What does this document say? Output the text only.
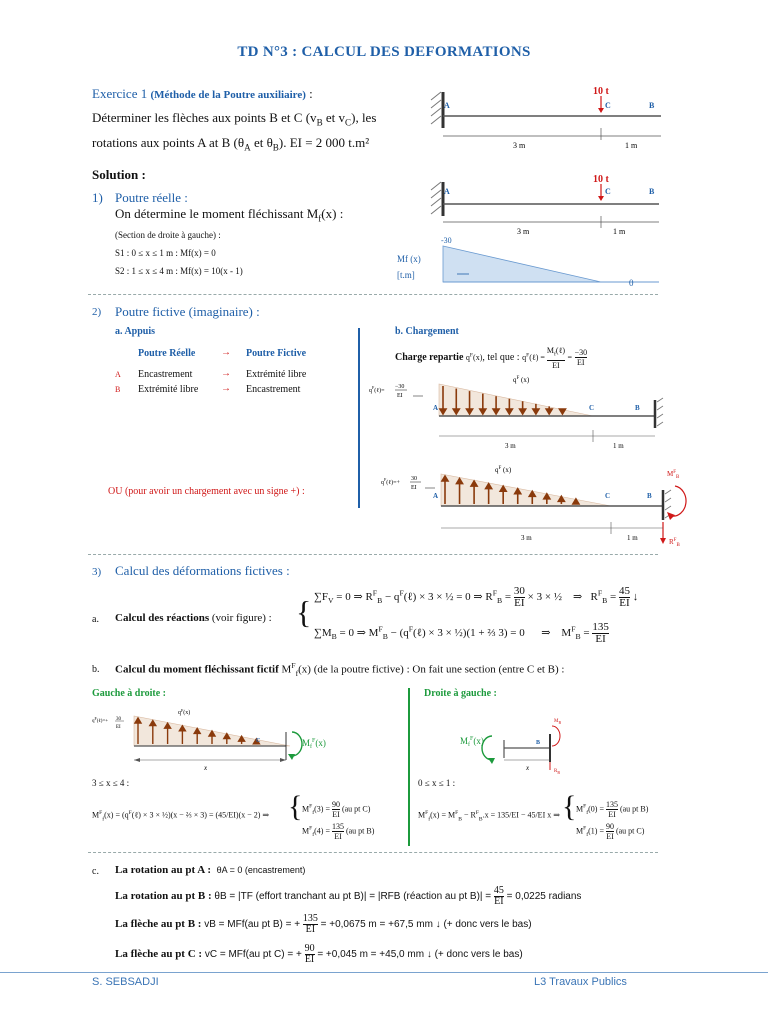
TD N°3 : CALCUL DES DEFORMATIONS
Exercice 1 (Méthode de la Poutre auxiliaire) :
Déterminer les flèches aux points B et C ($v_B$ et $v_C$), les
rotations aux points A at B ($\theta_A$ et $\theta_B$). EI = 2 000 t.m²
A	C	B
10 t
3 m	1 m
Solution :
1) Poutre réelle :
On détermine le moment fléchissant $M_f(x)$ :
(Section de droite à gauche) :
S1 : 0 ≤ x ≤ 1 m : Mf(x) = 0
S2 : 1 ≤ x ≤ 4 m : Mf(x) = 10(x - 1)
A	C	B
10 t
3 m	1 m
-30
Mf (x)
[t.m]
0
2) Poutre fictive (imaginaire) :
a. Appuis
Poutre Réelle	→ Poutre Fictive
A Encastrement	→ Extrémité libre
B Extrémité libre → Encastrement
b. Chargement
Charge repartie $q^F(x)$, tel que : $q^F(\ell)$ =
$M_f(\ell)$
EI = $\frac{-30}{EI}$
$q^F(\ell)=$
−30
EI
$q^F$ (x)
A	C	B
3 m	1 m
OU (pour avoir un chargement avec un signe +) :
$q^F(\ell)=+$
30
EI
$q^F$ (x)
A	C	B
$M^F_B$
$R^F_B$
3 m	1 m
3) Calcul des déformations fictives :
a. Calcul des réactions (voir figure) : { $\sum F_V = 0$ ⇒ $R^F_B$ − $q^F(\ell) \times 3$ × ½ = 0 ⇒ $R^F_B = \frac{30}{EI} \times 3$ × ½    ⇒   $R^F_B = \frac{45}{EI}$ ↓
$\sum M_B = 0$ ⇒ $M^F_B$ − ($q^F(\ell) \times 3$ × ½)(1 + ⅔ 3) = 0      ⇒    $M^F_B = \frac{135}{EI}$
b. Calcul du moment fléchissant fictif $M^F_f(x)$ (de la poutre fictive) : On fait une section (entre C et B) :
Gauche à droite :	Droite à gauche :
$q^F(\ell)=+ 30$
EI
$q^F(x)$
C	$M_f^F(x)$
x
$M_f^F(x)$	B
$M_B$
$R_B$
x
3 ≤ x ≤ 4 :	0 ≤ x ≤ 1 :
$M^F_f(x)$ = ($q^F(\ell) \times 3$ × ½)(x − ⅔ × 3) = (45/EI)(x − 2) ⇒ { $M^F_f(3) = \frac{90}{EI} (au$ pt C)
$M^F_f(4) = \frac{135}{EI} (au$ pt B)
$M^F_f(x) = M^F_B - R^F_B.x = 135/EI - 45/EI$ x ⇒ { $M^F_f(0) = \frac{135}{EI} (au$ pt B)
$M^F_f(1) = \frac{90}{EI} (au$ pt C)
c. La rotation au pt A : θA = 0 (encastrement)
La rotation au pt B : θB = |TF (effort tranchant au pt B)| = |RFB (réaction au pt $B)| = \frac{45}{EI} = 0,0225$ radians
La flèche au pt B : vB = MFf(au pt B) = + $\frac{135}{EI} = +0,0675$ m = +67,5 mm ↓ (+ donc vers le bas)
La flèche au pt C : vC = MFf(au pt C) = + $\frac{90}{EI} = +0,045$ m = +45,0 mm ↓ (+ donc vers le bas)
S. SEBSADJI	L3 Travaux Publics
